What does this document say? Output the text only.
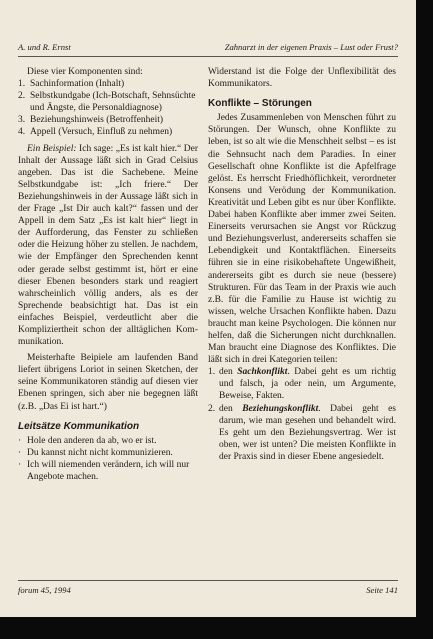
A. und R. Ernst	Zahnarzt in der eigenen Praxis – Lust oder Frust?

Diese vier Komponenten sind:

1. Sachinformation (Inhalt)
2. Selbstkundgabe (Ich-Botschaft, Sehnsüchte und Ängste, die Personaldiagnose)
3. Beziehungshinweis (Betroffenheit)
4. Appell (Versuch, Einfluß zu nehmen)

Ein Beispiel: Ich sage: „Es ist kalt hier.“ Der Inhalt der Aussage läßt sich in Grad Celsius angeben. Das ist die Sachebene. Meine Selbstkundgabe ist: „Ich friere.“ Der Beziehungshinweis in der Aussage läßt sich in der Frage „Ist Dir auch kalt?“ fassen und der Appell in dem Satz „Es ist kalt hier“ liegt in der Aufforderung, das Fenster zu schließen oder die Heizung höher zu stellen. Je nachdem, wie der Empfänger den Sprechenden kennt oder gerade selbst gestimmt ist, hört er eine dieser Ebenen besonders stark und reagiert wahrscheinlich völlig anders, als es der Sprechende beabsichtigt hat. Das ist ein einfaches Beispiel, verdeutlicht aber die Kompliziertheit schon der alltäglichen Kommunikation.

Meisterhafte Beipiele am laufenden Band liefert übrigens Loriot in seinen Sketchen, der seine Kommunikatoren ständig auf diesen vier Ebenen springen, sich aber nie begegnen läßt (z.B. „Das Ei ist hart.“)

Leitsätze Kommunikation
· Hole den anderen da ab, wo er ist.
· Du kannst nicht nicht kommunizieren.
· Ich will niemenden verändern, ich will nur Angebote machen.

Widerstand ist die Folge der Unflexibilität des Kommunikators.

Konflikte – Störungen

Jedes Zusammenleben von Menschen führt zu Störungen. Der Wunsch, ohne Konflikte zu leben, ist so alt wie die Menschheit selbst – es ist die Sehnsucht nach dem Paradies. In einer Gesellschaft ohne Konflikte ist die Apfelfrage gelöst. Es herrscht Friedhöflichkeit, verordneter Konsens und Verödung der Kommunikation. Kreativität und Leben gibt es nur über Konflikte. Dabei haben Konflikte aber immer zwei Seiten. Einerseits verursachen sie Angst vor Rückzug und Beziehungsverlust, andererseits schaffen sie Lebendigkeit und Kontaktflächen. Einerseits führen sie in eine risikobehaftete Ungewißheit, andererseits gibt es durch sie neue (bessere) Strukturen. Für das Team in der Praxis wie auch z.B. für die Familie zu Hause ist wichtig zu wissen, welche Ursachen Konflikte haben. Dazu braucht man keine Psychologen. Die können nur helfen, daß die Sicherungen nicht durchknallen. Man braucht eine Diagnose des Konfliktes. Die läßt sich in drei Kategorien teilen:

1. den Sachkonflikt. Dabei geht es um richtig und falsch, ja oder nein, um Argumente, Beweise, Fakten.
2. den Beziehungskonflikt. Dabei geht es darum, wie man gesehen und behandelt wird. Es geht um den Beziehungsvertrag. Wer ist oben, wer ist unten? Die meisten Konflikte in der Praxis sind in dieser Ebene angesiedelt.
forum 45, 1994	Seite 141
